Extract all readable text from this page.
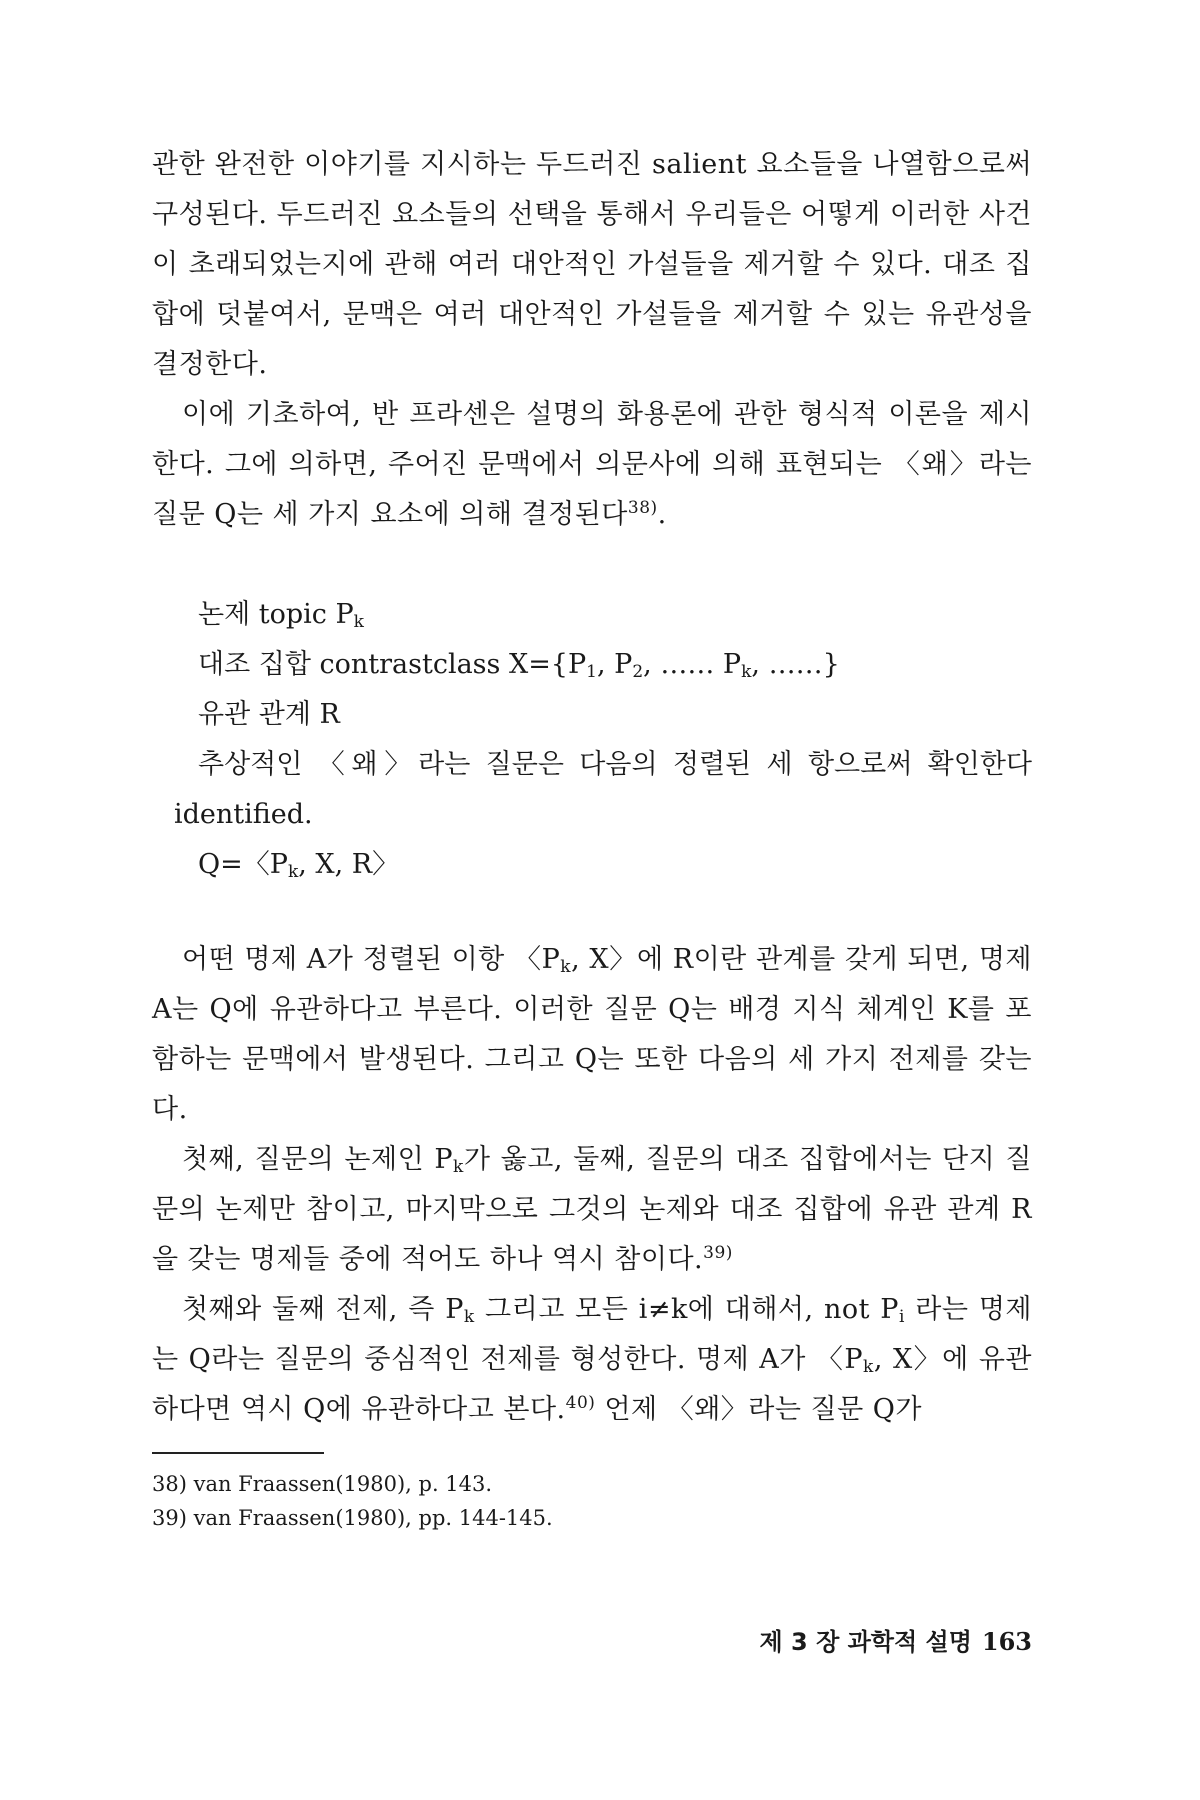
관한 완전한 이야기를 지시하는 두드러진 salient 요소들을 나열함으로써 구성된다. 두드러진 요소들의 선택을 통해서 우리들은 어떻게 이러한 사건이 초래되었는지에 관해 여러 대안적인 가설들을 제거할 수 있다. 대조 집합에 덧붙여서, 문맥은 여러 대안적인 가설들을 제거할 수 있는 유관성을 결정한다.

이에 기초하여, 반 프라센은 설명의 화용론에 관한 형식적 이론을 제시한다. 그에 의하면, 주어진 문맥에서 의문사에 의해 표현되는 〈왜〉라는 질문 Q는 세 가지 요소에 의해 결정된다$^{38)}$.

논제 topic $P_k$
대조 집합 contrastclass $X=\{P_1$, $P_2$, …… $P_k$, ……}
유관 관계 R
추상적인 〈왜〉라는 질문은 다음의 정렬된 세 항으로써 확인한다
identified.
Q=〈$P_k$, X, R〉

어떤 명제 A가 정렬된 이항 〈$P_k$, X〉에 R이란 관계를 갖게 되면, 명제 A는 Q에 유관하다고 부른다. 이러한 질문 Q는 배경 지식 체계인 K를 포함하는 문맥에서 발생된다. 그리고 Q는 또한 다음의 세 가지 전제를 갖는다.

첫째, 질문의 논제인 $P_k$가 옳고, 둘째, 질문의 대조 집합에서는 단지 질문의 논제만 참이고, 마지막으로 그것의 논제와 대조 집합에 유관 관계 R을 갖는 명제들 중에 적어도 하나 역시 참이다.$^{39)}$

첫째와 둘째 전제, 즉 $P_k$ 그리고 모든 i≠k에 대해서, not $P_i$ 라는 명제는 Q라는 질문의 중심적인 전제를 형성한다. 명제 A가 〈$P_k$, X〉에 유관하다면 역시 Q에 유관하다고 본다.$^{40)}$ 언제 〈왜〉라는 질문 Q가

38) van Fraassen(1980), p. 143.
39) van Fraassen(1980), pp. 144-145.
제 3 장 과학적 설명 163
